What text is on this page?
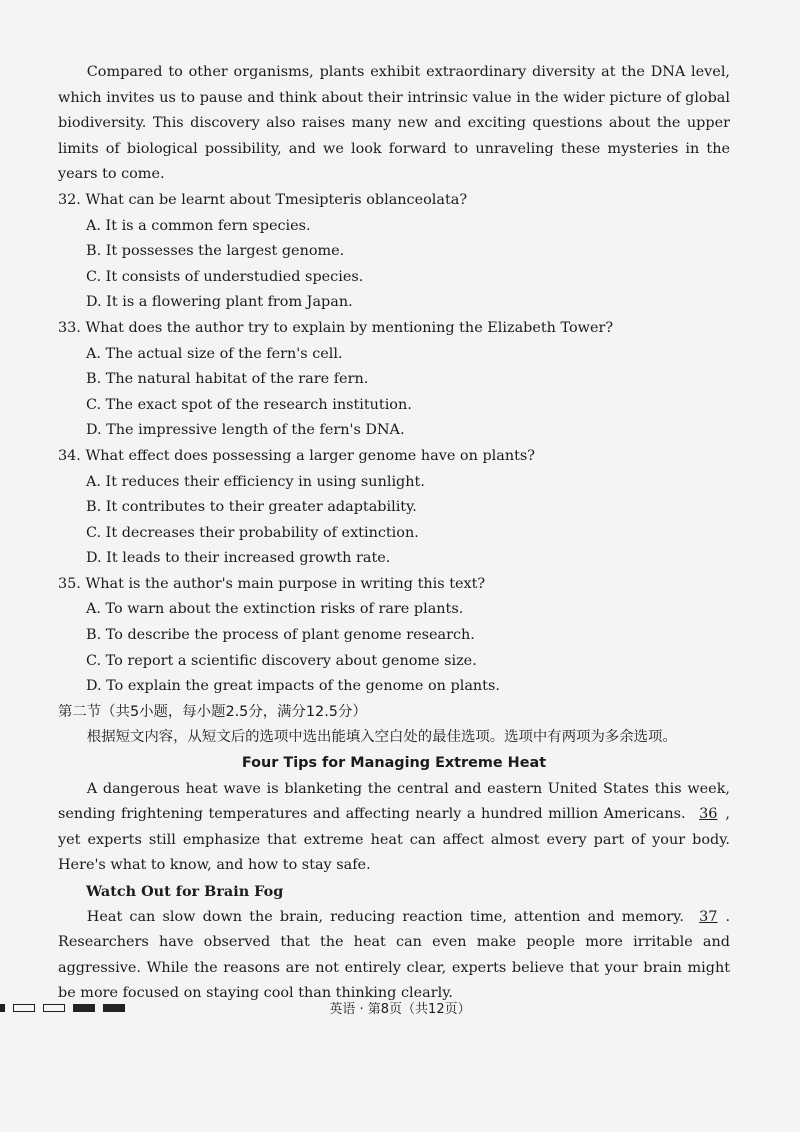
Compared to other organisms, plants exhibit extraordinary diversity at the DNA level, which invites us to pause and think about their intrinsic value in the wider picture of global biodiversity. This discovery also raises many new and exciting questions about the upper limits of biological possibility, and we look forward to unraveling these mysteries in the years to come.

32. What can be learnt about Tmesipteris oblanceolata?

A. It is a common fern species.

B. It possesses the largest genome.

C. It consists of understudied species.

D. It is a flowering plant from Japan.

33. What does the author try to explain by mentioning the Elizabeth Tower?

A. The actual size of the fern's cell.

B. The natural habitat of the rare fern.

C. The exact spot of the research institution.

D. The impressive length of the fern's DNA.

34. What effect does possessing a larger genome have on plants?

A. It reduces their efficiency in using sunlight.

B. It contributes to their greater adaptability.

C. It decreases their probability of extinction.

D. It leads to their increased growth rate.

35. What is the author's main purpose in writing this text?

A. To warn about the extinction risks of rare plants.

B. To describe the process of plant genome research.

C. To report a scientific discovery about genome size.

D. To explain the great impacts of the genome on plants.

第二节（共5小题，每小题2.5分，满分12.5分）

根据短文内容，从短文后的选项中选出能填入空白处的最佳选项。选项中有两项为多余选项。

Four Tips for Managing Extreme Heat

A dangerous heat wave is blanketing the central and eastern United States this week, sending frightening temperatures and affecting nearly a hundred million Americans. 36 , yet experts still emphasize that extreme heat can affect almost every part of your body. Here's what to know, and how to stay safe.

Watch Out for Brain Fog

Heat can slow down the brain, reducing reaction time, attention and memory. 37 . Researchers have observed that the heat can even make people more irritable and aggressive. While the reasons are not entirely clear, experts believe that your brain might be more focused on staying cool than thinking clearly.

英语 · 第8页（共12页）
